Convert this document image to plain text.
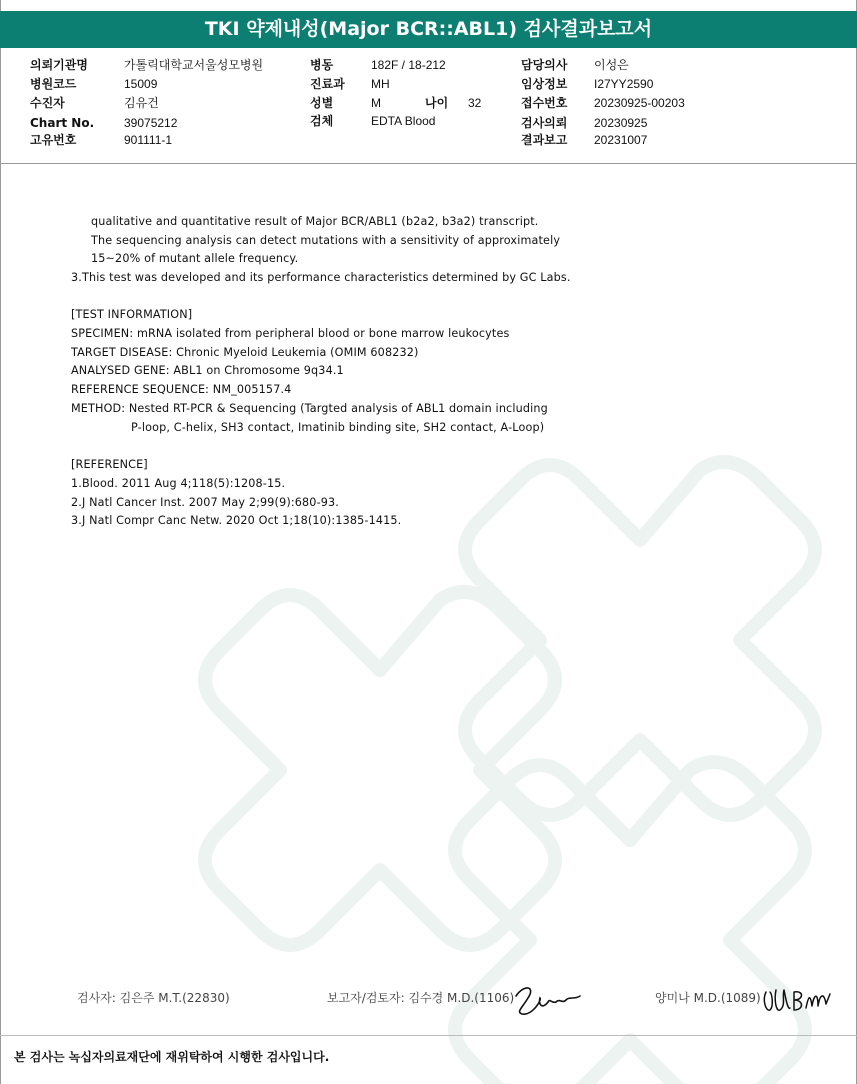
TKI 약제내성(Major BCR::ABL1) 검사결과보고서
의뢰기관명	가톨릭대학교서울성모병원
병원코드	15009
수진자	김유건
Chart No. 39075212
고유번호	901111-1
병동	182F / 18-212
진료과 MH
성별	M	나이 32
검체	EDTA Blood
담당의사 이성은
임상정보 I27YY2590
접수번호 20230925-00203
검사의뢰 20230925
결과보고 20231007
qualitative and quantitative result of Major BCR/ABL1 (b2a2, b3a2) transcript.
The sequencing analysis can detect mutations with a sensitivity of approximately
15~20% of mutant allele frequency.
3.This test was developed and its performance characteristics determined by GC Labs.
[TEST INFORMATION]
SPECIMEN: mRNA isolated from peripheral blood or bone marrow leukocytes
TARGET DISEASE: Chronic Myeloid Leukemia (OMIM 608232)
ANALYSED GENE: ABL1 on Chromosome 9q34.1
REFERENCE SEQUENCE: NM_005157.4
METHOD: Nested RT-PCR & Sequencing (Targted analysis of ABL1 domain including
P-loop, C-helix, SH3 contact, Imatinib binding site, SH2 contact, A-Loop)
[REFERENCE]
1.Blood. 2011 Aug 4;118(5):1208-15.
2.J Natl Cancer Inst. 2007 May 2;99(9):680-93.
3.J Natl Compr Canc Netw. 2020 Oct 1;18(10):1385-1415.
검사자: 김은주 M.T.(22830)	보고자/검토자: 김수경 M.D.(1106)	양미나 M.D.(1089)
본 검사는 녹십자의료재단에 재위탁하여 시행한 검사입니다.
